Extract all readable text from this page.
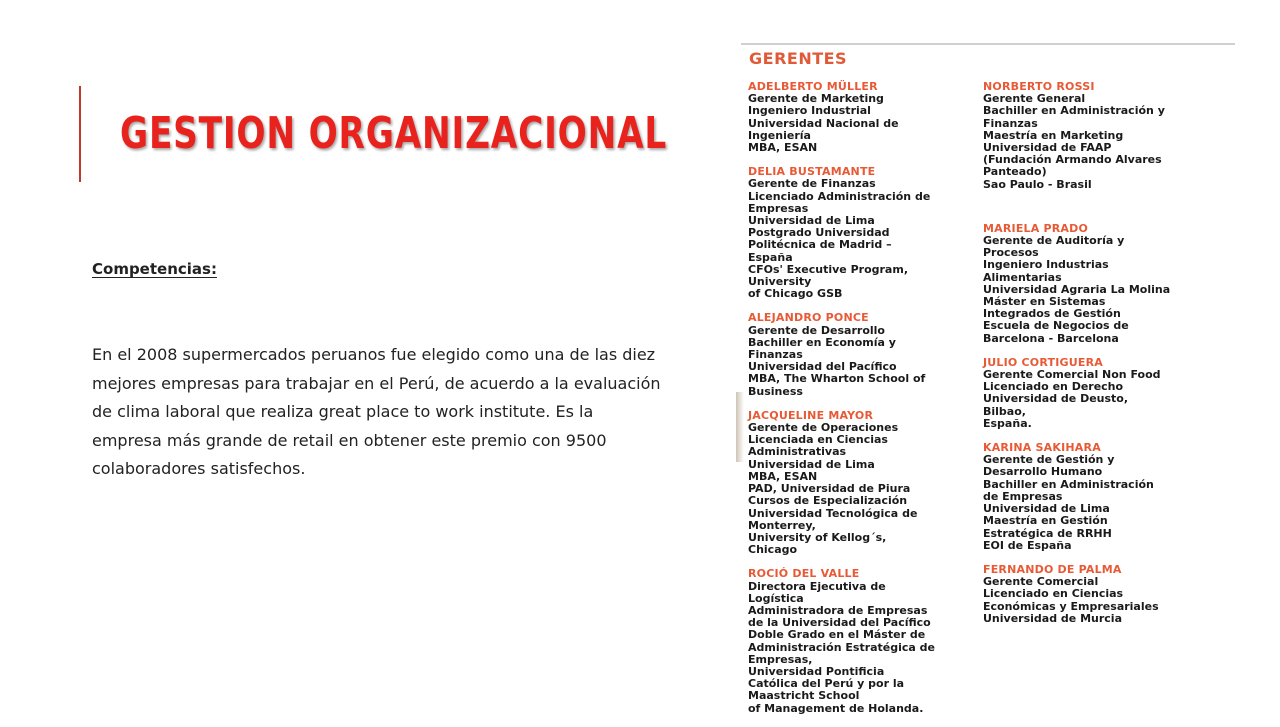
GESTION ORGANIZACIONAL
Competencias:

En el 2008 supermercados peruanos fue elegido como una de las diez mejores empresas para trabajar en el Perú, de acuerdo a la evaluación de clima laboral que realiza great place to work institute. Es la empresa más grande de retail en obtener este premio con 9500 colaboradores satisfechos.

GERENTES
ADELBERTO MÜLLER
Gerente de Marketing
Ingeniero Industrial
Universidad Nacional de
Ingeniería
MBA, ESAN
DELIA BUSTAMANTE
Gerente de Finanzas
Licenciado Administración de
Empresas
Universidad de Lima
Postgrado Universidad
Politécnica de Madrid –
España
CFOs' Executive Program,
University
of Chicago GSB
ALEJANDRO PONCE
Gerente de Desarrollo
Bachiller en Economía y
Finanzas
Universidad del Pacífico
MBA, The Wharton School of
Business
JACQUELINE MAYOR
Gerente de Operaciones
Licenciada en Ciencias
Administrativas
Universidad de Lima
MBA, ESAN
PAD, Universidad de Piura
Cursos de Especialización
Universidad Tecnológica de
Monterrey,
University of Kellog´s,
Chicago
ROCIÓ DEL VALLE
Directora Ejecutiva de
Logística
Administradora de Empresas
de la Universidad del Pacífico
Doble Grado en el Máster de
Administración Estratégica de
Empresas,
Universidad Pontificia
Católica del Perú y por la
Maastricht School
of Management de Holanda.
NORBERTO ROSSI
Gerente General
Bachiller en Administración y
Finanzas
Maestría en Marketing
Universidad de FAAP
(Fundación Armando Alvares
Panteado)
Sao Paulo - Brasil
MARIELA PRADO
Gerente de Auditoría y
Procesos
Ingeniero Industrias
Alimentarias
Universidad Agraria La Molina
Máster en Sistemas
Integrados de Gestión
Escuela de Negocios de
Barcelona - Barcelona
JULIO CORTIGUERA
Gerente Comercial Non Food
Licenciado en Derecho
Universidad de Deusto,
Bilbao,
España.
KARINA SAKIHARA
Gerente de Gestión y
Desarrollo Humano
Bachiller en Administración
de Empresas
Universidad de Lima
Maestría en Gestión
Estratégica de RRHH
EOI de España
FERNANDO DE PALMA
Gerente Comercial
Licenciado en Ciencias
Económicas y Empresariales
Universidad de Murcia
